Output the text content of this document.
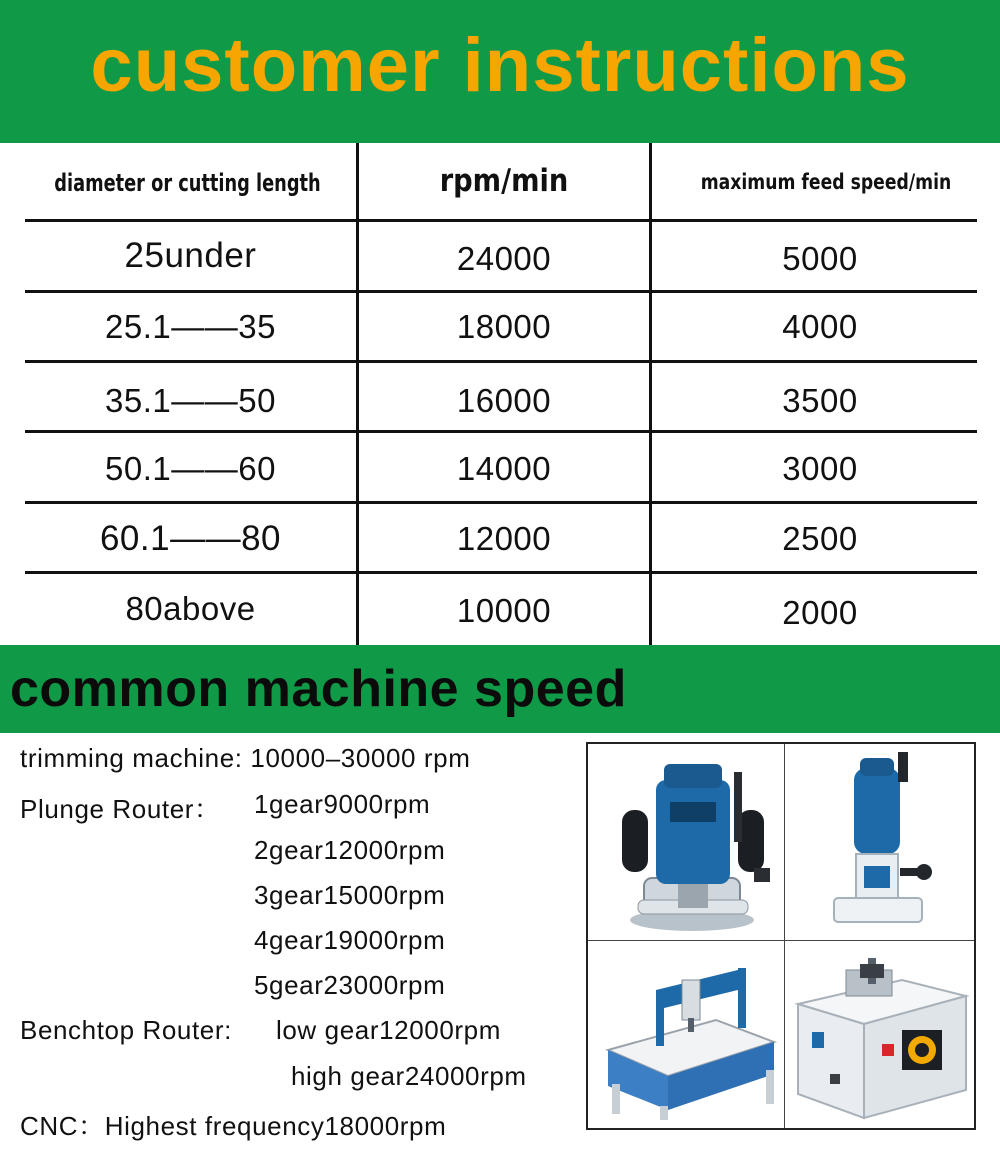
customer instructions
diameter or cutting length	rpm/min	maximum feed speed/min
25under	24000	5000
25.1——35	18000	4000
35.1——50	16000	3500
50.1——60	14000	3000
60.1——80	12000	2500
80above	10000	2000
common machine speed
trimming machine: 10000–30000 rpm
Plunge Router： 1gear9000rpm
2gear12000rpm
3gear15000rpm
4gear19000rpm
5gear23000rpm
Benchtop Router: low gear12000rpm
high gear24000rpm
CNC：Highest frequency18000rpm
